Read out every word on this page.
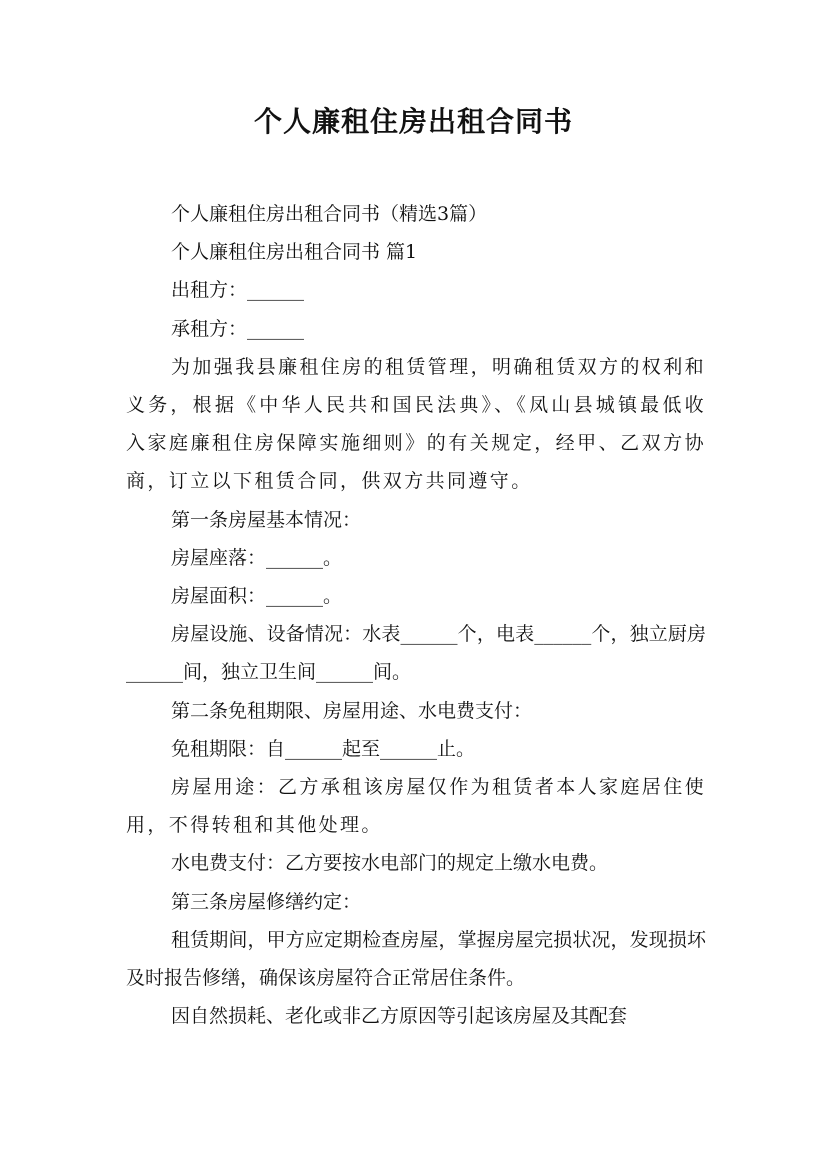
个人廉租住房出租合同书

个人廉租住房出租合同书（精选3篇）

个人廉租住房出租合同书 篇1

出租方：______

承租方：______

为加强我县廉租住房的租赁管理，明确租赁双方的权利和义务，根据《中华人民共和国民法典》、《凤山县城镇最低收入家庭廉租住房保障实施细则》的有关规定，经甲、乙双方协商，订立以下租赁合同，供双方共同遵守。

第一条房屋基本情况：

房屋座落：______。

房屋面积：______。

房屋设施、设备情况：水表______个，电表______个，独立厨房______间，独立卫生间______间。

第二条免租期限、房屋用途、水电费支付：

免租期限：自______起至______止。

房屋用途：乙方承租该房屋仅作为租赁者本人家庭居住使用，不得转租和其他处理。

水电费支付：乙方要按水电部门的规定上缴水电费。

第三条房屋修缮约定：

租赁期间，甲方应定期检查房屋，掌握房屋完损状况，发现损坏及时报告修缮，确保该房屋符合正常居住条件。

因自然损耗、老化或非乙方原因等引起该房屋及其配套
